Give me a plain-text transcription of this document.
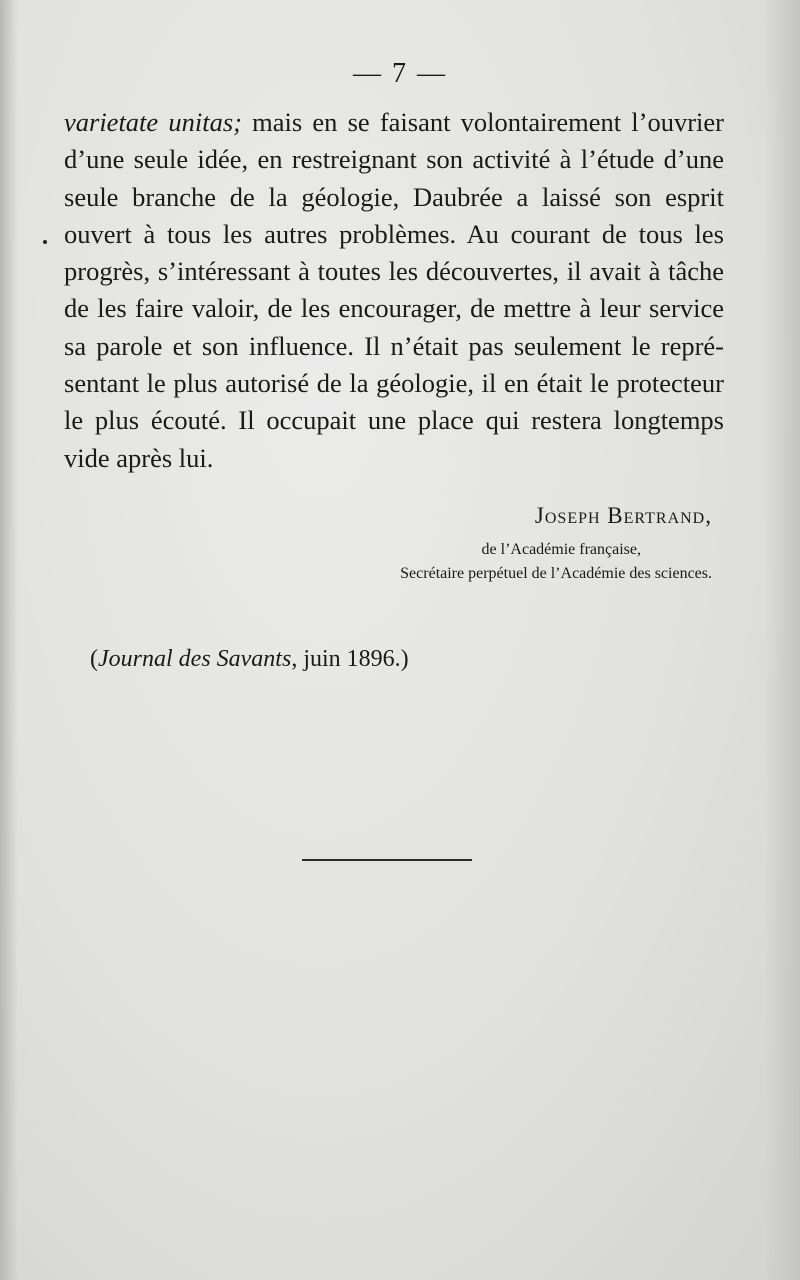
— 7 —
varietate unitas; mais en se faisant volontairement l’ouvrier
d’une seule idée, en restreignant son activité à l’étude d’une
seule branche de la géologie, Daubrée a laissé son esprit
ouvert à tous les autres problèmes. Au courant de tous les
progrès, s’intéressant à toutes les découvertes, il avait à tâche
de les faire valoir, de les encourager, de mettre à leur service
sa parole et son influence. Il n’était pas seulement le repré-
sentant le plus autorisé de la géologie, il en était le protecteur
le plus écouté. Il occupait une place qui restera longtemps
vide après lui.
Joseph Bertrand,
de l’Académie française,
Secrétaire perpétuel de l’Académie des sciences.
(Journal des Savants, juin 1896.)
